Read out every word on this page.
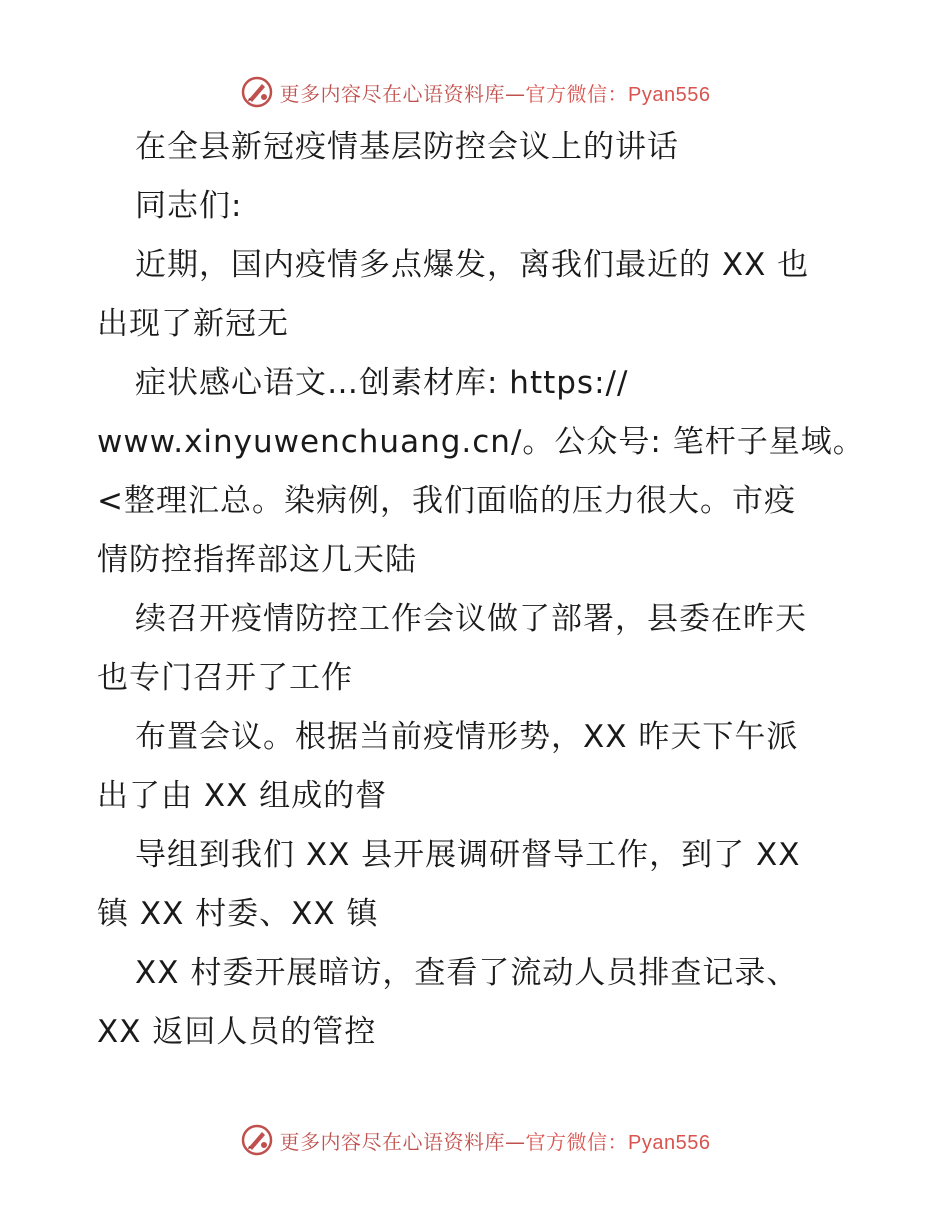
更多内容尽在心语资料库—官方微信：Pyan556
在全县新冠疫情基层防控会议上的讲话
同志们:
近期，国内疫情多点爆发，离我们最近的 XX 也
出现了新冠无
症状感心语文…创素材库: https://
www.xinyuwenchuang.cn/。公众号: 笔杆子星域。
<整理汇总。染病例，我们面临的压力很大。市疫
情防控指挥部这几天陆
续召开疫情防控工作会议做了部署，县委在昨天
也专门召开了工作
布置会议。根据当前疫情形势，XX 昨天下午派
出了由 XX 组成的督
导组到我们 XX 县开展调研督导工作，到了 XX
镇 XX 村委、XX 镇
XX 村委开展暗访，查看了流动人员排查记录、
XX 返回人员的管控
更多内容尽在心语资料库—官方微信：Pyan556
